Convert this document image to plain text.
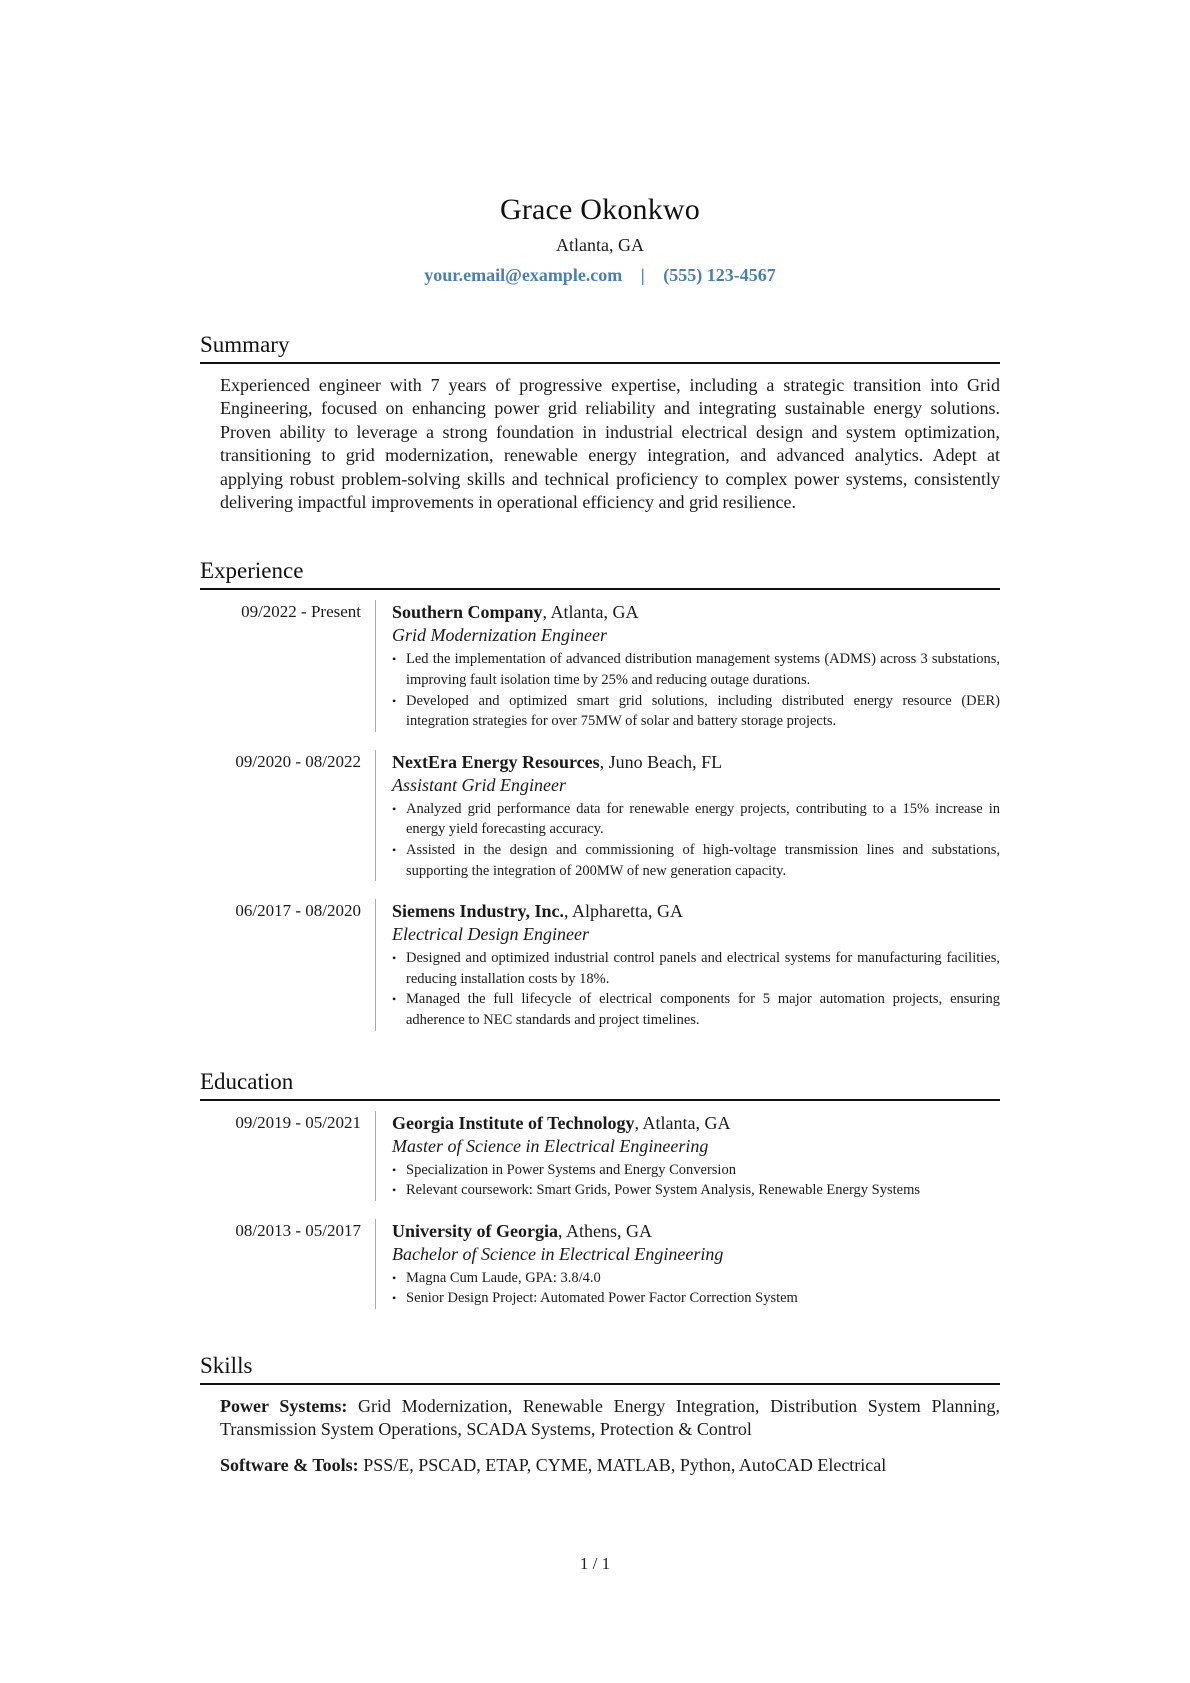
Grace Okonkwo
Atlanta, GA
your.email@example.com | (555) 123-4567
Summary
Experienced engineer with 7 years of progressive expertise, including a strategic transition into Grid Engineering, focused on enhancing power grid reliability and integrating sustainable energy solutions. Proven ability to leverage a strong foundation in industrial electrical design and system optimization, transitioning to grid modernization, renewable energy integration, and advanced analytics. Adept at applying robust problem-solving skills and technical proficiency to complex power systems, consistently delivering impactful improvements in operational efficiency and grid resilience.
Experience
09/2022 - Present	Southern Company, Atlanta, GA
Grid Modernization Engineer
• Led the implementation of advanced distribution management systems (ADMS) across 3 substations, improving fault isolation time by 25% and reducing outage durations.
• Developed and optimized smart grid solutions, including distributed energy resource (DER) integration strategies for over 75MW of solar and battery storage projects.
09/2020 - 08/2022	NextEra Energy Resources, Juno Beach, FL
Assistant Grid Engineer
• Analyzed grid performance data for renewable energy projects, contributing to a 15% increase in energy yield forecasting accuracy.
• Assisted in the design and commissioning of high-voltage transmission lines and substations, supporting the integration of 200MW of new generation capacity.
06/2017 - 08/2020	Siemens Industry, Inc., Alpharetta, GA
Electrical Design Engineer
• Designed and optimized industrial control panels and electrical systems for manufacturing facilities, reducing installation costs by 18%.
• Managed the full lifecycle of electrical components for 5 major automation projects, ensuring adherence to NEC standards and project timelines.
Education
09/2019 - 05/2021	Georgia Institute of Technology, Atlanta, GA
Master of Science in Electrical Engineering
• Specialization in Power Systems and Energy Conversion
• Relevant coursework: Smart Grids, Power System Analysis, Renewable Energy Systems
08/2013 - 05/2017	University of Georgia, Athens, GA
Bachelor of Science in Electrical Engineering
• Magna Cum Laude, GPA: 3.8/4.0
• Senior Design Project: Automated Power Factor Correction System
Skills
Power Systems: Grid Modernization, Renewable Energy Integration, Distribution System Planning, Transmission System Operations, SCADA Systems, Protection & Control
Software & Tools: PSS/E, PSCAD, ETAP, CYME, MATLAB, Python, AutoCAD Electrical
1 / 1
